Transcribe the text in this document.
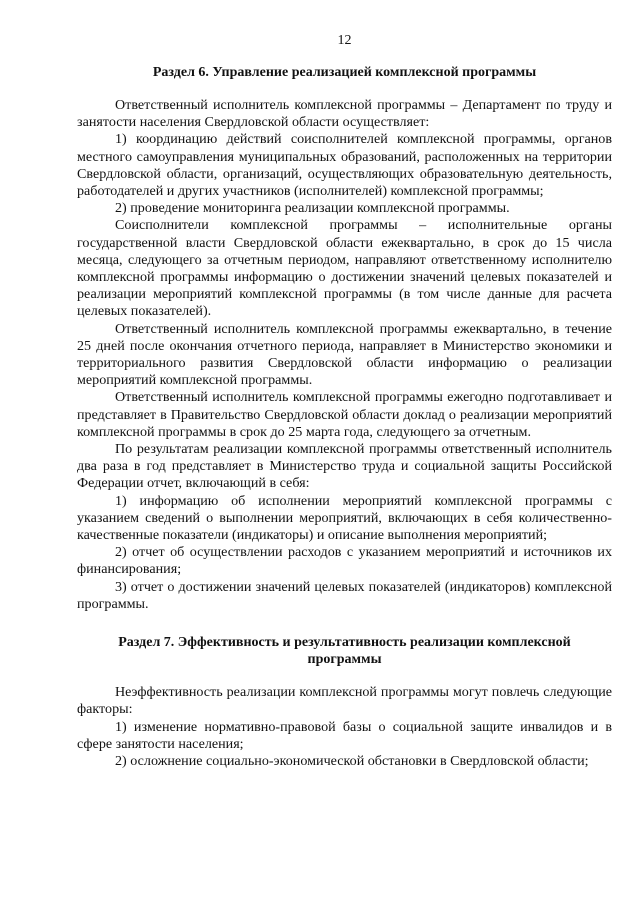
12
Раздел 6. Управление реализацией комплексной программы

Ответственный исполнитель комплексной программы – Департамент по труду и занятости населения Свердловской области осуществляет:

1) координацию действий соисполнителей комплексной программы, органов местного самоуправления муниципальных образований, расположенных на территории Свердловской области, организаций, осуществляющих образовательную деятельность, работодателей и других участников (исполнителей) комплексной программы;

2) проведение мониторинга реализации комплексной программы.

Соисполнители комплексной программы – исполнительные органы государственной власти Свердловской области ежеквартально, в срок до 15 числа месяца, следующего за отчетным периодом, направляют ответственному исполнителю комплексной программы информацию о достижении значений целевых показателей и реализации мероприятий комплексной программы (в том числе данные для расчета целевых показателей).

Ответственный исполнитель комплексной программы ежеквартально, в течение 25 дней после окончания отчетного периода, направляет в Министерство экономики и территориального развития Свердловской области информацию о реализации мероприятий комплексной программы.

Ответственный исполнитель комплексной программы ежегодно подготавливает и представляет в Правительство Свердловской области доклад о реализации мероприятий комплексной программы в срок до 25 марта года, следующего за отчетным.

По результатам реализации комплексной программы ответственный исполнитель два раза в год представляет в Министерство труда и социальной защиты Российской Федерации отчет, включающий в себя:

1) информацию об исполнении мероприятий комплексной программы с указанием сведений о выполнении мероприятий, включающих в себя количественно-качественные показатели (индикаторы) и описание выполнения мероприятий;

2) отчет об осуществлении расходов с указанием мероприятий и источников их финансирования;

3) отчет о достижении значений целевых показателей (индикаторов) комплексной программы.

Раздел 7. Эффективность и результативность реализации комплексной
программы

Неэффективность реализации комплексной программы могут повлечь следующие факторы:

1) изменение нормативно-правовой базы о социальной защите инвалидов и в сфере занятости населения;

2) осложнение социально-экономической обстановки в Свердловской области;
